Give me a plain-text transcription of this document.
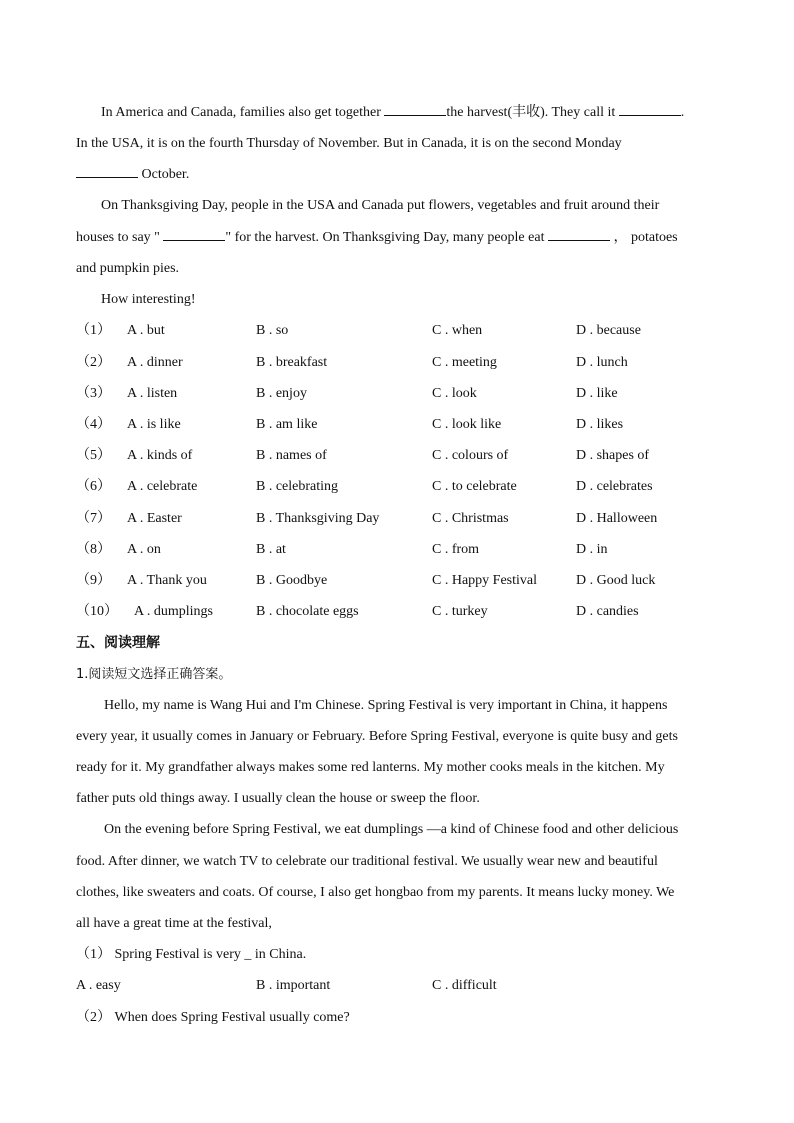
In America and Canada, families also get together	the harvest(丰收). They call it	.
In the USA, it is on the fourth Thursday of November. But in Canada, it is on the second Monday
October.
On Thanksgiving Day, people in the USA and Canada put flowers, vegetables and fruit around their
houses to say "	" for the harvest. On Thanksgiving Day, many people eat	， potatoes
and pumpkin pies.
How interesting!
（1） A . but	B . so	C . when	D . because
（2） A . dinner	B . breakfast	C . meeting	D . lunch
（3） A . listen	B . enjoy	C . look	D . like
（4） A . is like	B . am like	C . look like	D . likes
（5） A . kinds of	B . names of	C . colours of	D . shapes of
（6） A . celebrate	B . celebrating	C . to celebrate	D . celebrates
（7） A . Easter	B . Thanksgiving Day	C . Christmas	D . Halloween
（8） A . on	B . at	C . from	D . in
（9） A . Thank you	B . Goodbye	C . Happy Festival	D . Good luck
（10） A . dumplings	B . chocolate eggs	C . turkey	D . candies
五、阅读理解
1.阅读短文选择正确答案。
Hello, my name is Wang Hui and I'm Chinese. Spring Festival is very important in China, it happens
every year, it usually comes in January or February. Before Spring Festival, everyone is quite busy and gets
ready for it. My grandfather always makes some red lanterns. My mother cooks meals in the kitchen. My
father puts old things away. I usually clean the house or sweep the floor.
On the evening before Spring Festival, we eat dumplings —a kind of Chinese food and other delicious
food. After dinner, we watch TV to celebrate our traditional festival. We usually wear new and beautiful
clothes, like sweaters and coats. Of course, I also get hongbao from my parents. It means lucky money. We
all have a great time at the festival,
（1） Spring Festival is very _ in China.
A . easy	B . important	C . difficult
（2） When does Spring Festival usually come?
